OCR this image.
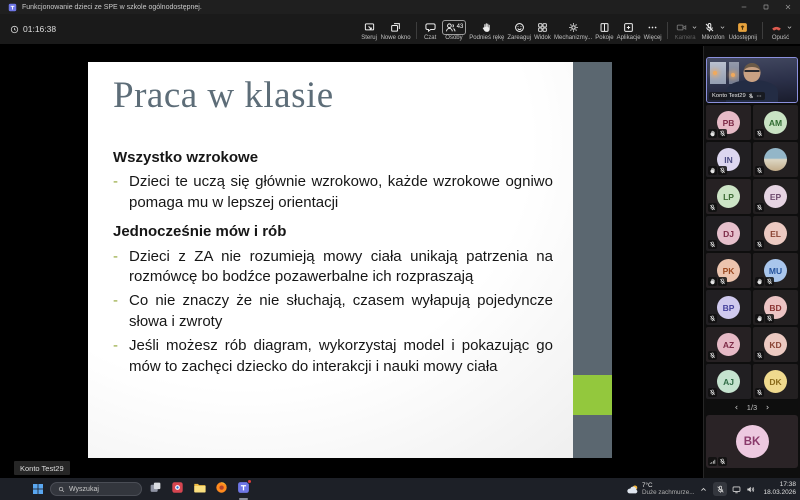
Funkcjonowanie dzieci ze SPE w szkole ogólnodostępnej.
01:16:38
Steruj Nowe okno Czat
43
Osoby Podnieś rękę Zareaguj Widok Mechanizmy... Pokoje Aplikacje Więcej Kamera Mikrofon Udostępnij Opuść
Praca w klasie
Wszystko wzrokowe
- Dzieci te uczą się głównie wzrokowo, każde wzrokowe ogniwo pomaga mu w lepszej orientacji
Jednocześnie mów i rób
- Dzieci z ZA nie rozumieją mowy ciała unikają patrzenia na rozmówcę bo bodźce pozawerbalne ich rozpraszają
- Co nie znaczy że nie słuchają, czasem wyłapują pojedyncze słowa i zwroty
- Jeśli możesz rób diagram, wykorzystaj model i pokazując go mów to zachęci dziecko do interakcji i nauki mowy ciała
Konto Test29
Konto Test29
PB	AM
IN
LP	EP
DJ	EL
PK	MU
BP	BD
AZ	KD
AJ	DK
1/3
BK
Wyszukaj
7°C
Duże zachmurze...
17:38
18.03.2026
